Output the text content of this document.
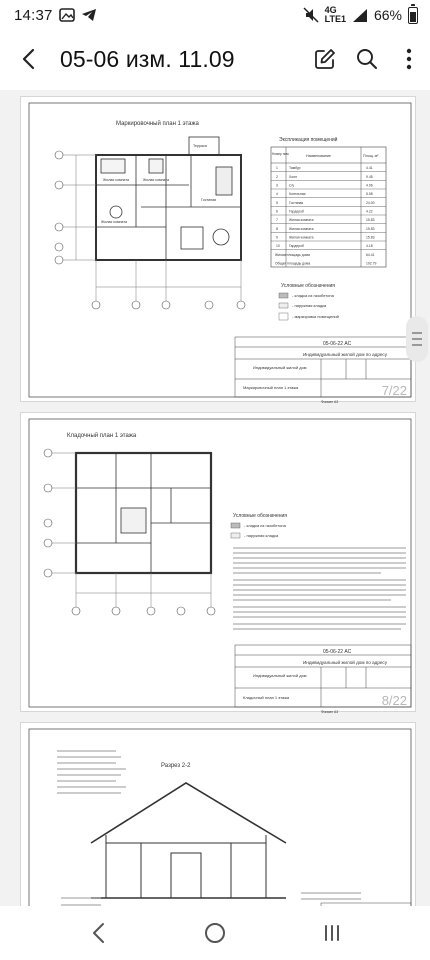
14:37	4G
LTE1 66%
05-06 изм. 11.09
Маркировочный план 1 этажа
Жилая комната	Жилая комната
Жилая комната
Гостиная
Терраса
Экспликация помещений
Номер пом.	Наименование	Площ. м²
1	Тамбур	4.41
2	Холл	9.45
3	С/у	4.06
4	Котельная	5.08
5	Гостиная	24.00
6	Гардероб	4.22
7	Жилая комната	15.83
8	Жилая комната	15.83
9	Жилая комната	15.83
10	Гардероб	4.18
Жилая площадь дома	64.41
Общая площадь дома	102.79
Условные обозначения
- кладка из газобетона
- наружная кладка
- маркировка помещений
05-06-22 АС
Индивидуальный жилой дом по адресу
Индивидуальный жилой дом
Маркировочный план 1 этажа
Формат А3
7/22
Кладочный план 1 этажа
Условные обозначения
- кладка из газобетона
- наружная кладка
05-06-22 АС
Индивидуальный жилой дом по адресу
Индивидуальный жилой дом
Кладочный план 1 этажа
Формат А3
8/22
Разрез 2-2
